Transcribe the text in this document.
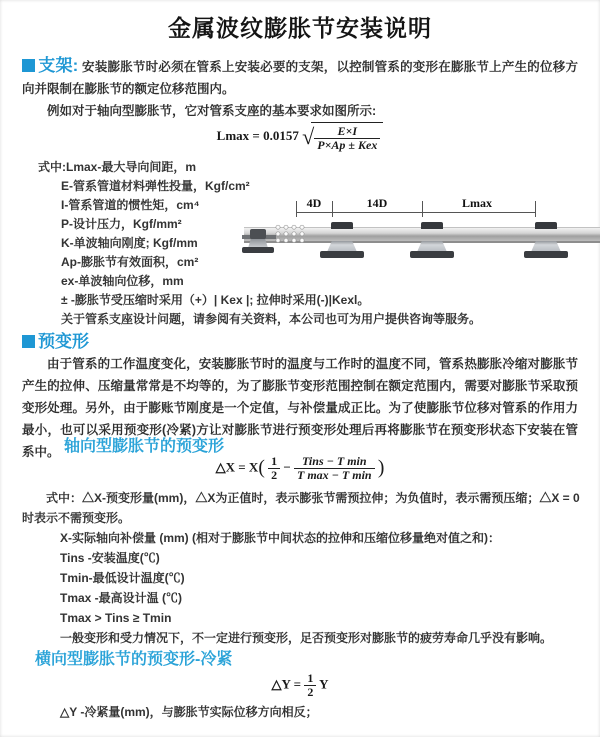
金属波纹膨胀节安装说明

支架: 安装膨胀节时必须在管系上安装必要的支架，以控制管系的变形在膨胀节上产生的位移方向并限制在膨胀节的额定位移范围内。

例如对于轴向型膨胀节，它对管系支座的基本要求如图所示:

Lmax = 0.0157 √ $\frac{E\times I}{\text{P×Ap ± Kex}}$
式中:Lmax-最大导向间距，m
E-管系管道材料弹性投量，Kgf/cm²
I-管系管道的惯性矩，cm⁴
P-设计压力，Kgf/mm²
K-单波轴向刚度; Kgf/mm
Ap-膨胀节有效面积，cm²
ex-单波轴向位移，mm
± -膨胀节受压缩时采用（+）| Kex |; 拉伸时采用(-)|Kexl。
关于管系支座设计问题，请参阅有关资料，本公司也可为用户提供咨询等服务。
4D	14D	Lmax
预变形

由于管系的工作温度变化，安装膨胀节时的温度与工作时的温度不同，管系热膨胀冷缩对膨胀节产生的拉伸、压缩量常常是不均等的，为了膨胀节变形范围控制在额定范围内，需要对膨胀节采取预变形处理。另外，由于膨账节刚度是一个定值，与补偿量成正比。为了使膨胀节位移对管系的作用力最小，也可以采用预变形(冷紧)方让对膨胀节进行预变形处理后再将膨胀节在预变形状态下安装在管系中。 轴向型膨胀节的预变形
△X = $X( \frac{1}{2} - \frac{\text{Tins − T min}}{\text{T max − T min}}$ )

式中：△X-预变形量(mm)，△X为正值时，表示膨张节需预拉伸；为负值时，表示需预压缩；△X = 0时表示不需预变形。

X-实际轴向补偿量 (mm) (相对于膨胀节中间状态的拉伸和压缩位移量绝对值之和)：
Tins -安装温度(℃)
Tmin-最低设计温度(℃)
Tmax -最高设计温 (℃)
Tmax > Tins ≥ Tmin
一般变形和受力情况下，不一定进行预变形，足否预变形对膨胀节的疲劳寿命几乎没有影响。
横向型膨胀节的预变形-冷紧
△Y = $\frac{1}{2}$ Y
△Y -冷紧量(mm)，与膨胀节实际位移方向相反；
